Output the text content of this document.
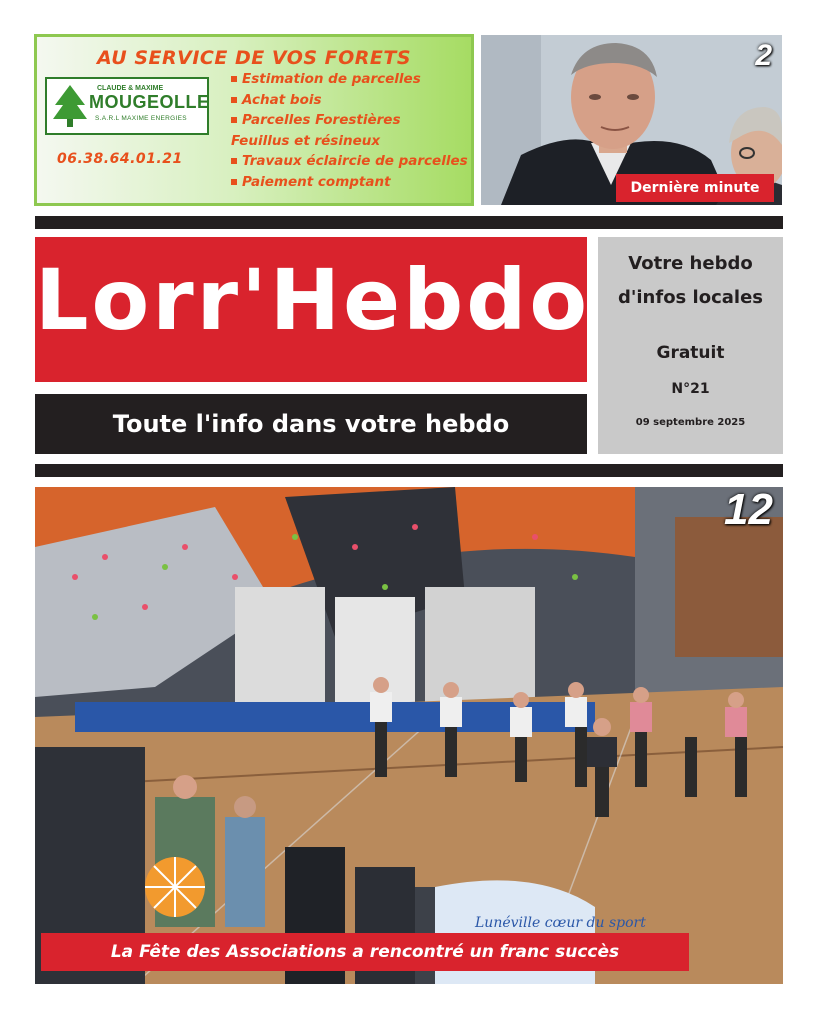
AU SERVICE DE VOS FORETS
CLAUDE & MAXIME
MOUGEOLLE
S.A.R.L MAXIME ENERGIES
06.38.64.01.21
Estimation de parcelles
Achat bois
Parcelles Forestières
Feuillus et résineux
Travaux éclaircie de parcelles
Paiement comptant
2
Dernière minute
Lorr'Hebdo
Toute l'info dans votre hebdo
Votre hebdo
d'infos locales
Gratuit
N°21
09 septembre 2025
Lunéville cœur du sport
12
La Fête des Associations a rencontré un franc succès
